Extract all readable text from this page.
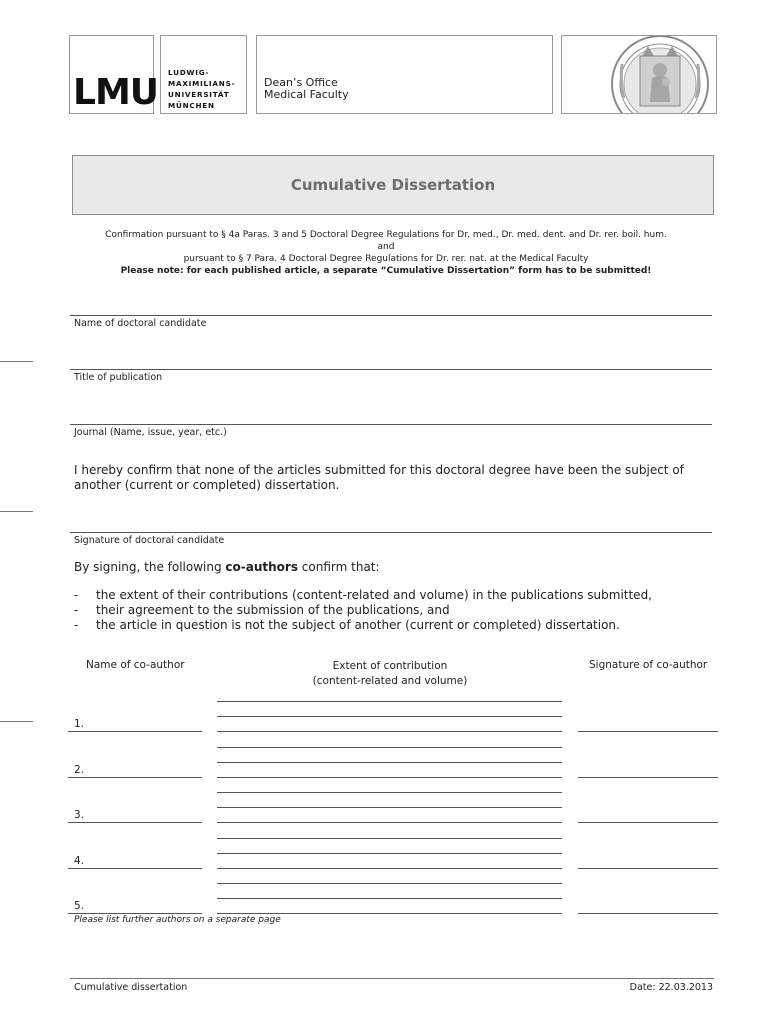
LMU LUDWIG-
MAXIMILIANS-
UNIVERSITÄT
MÜNCHEN
Dean’s Office
Medical Faculty
Cumulative Dissertation
Confirmation pursuant to § 4a Paras. 3 and 5 Doctoral Degree Regulations for Dr. med., Dr. med. dent. and Dr. rer. boil. hum.
and
pursuant to § 7 Para. 4 Doctoral Degree Regulations for Dr. rer. nat. at the Medical Faculty
Please note: for each published article, a separate “Cumulative Dissertation” form has to be submitted!
Name of doctoral candidate
Title of publication
Journal (Name, issue, year, etc.)
I hereby confirm that none of the articles submitted for this doctoral degree have been the subject of another (current or completed) dissertation.
Signature of doctoral candidate
By signing, the following co-authors confirm that:
- the extent of their contributions (content-related and volume) in the publications submitted,
- their agreement to the submission of the publications, and
- the article in question is not the subject of another (current or completed) dissertation.
Name of co-author	Extent of contribution
(content-related and volume)
Signature of co-author
1.
2.
3.
4.
5.
Please list further authors on a separate page
Cumulative dissertation	Date: 22.03.2013
